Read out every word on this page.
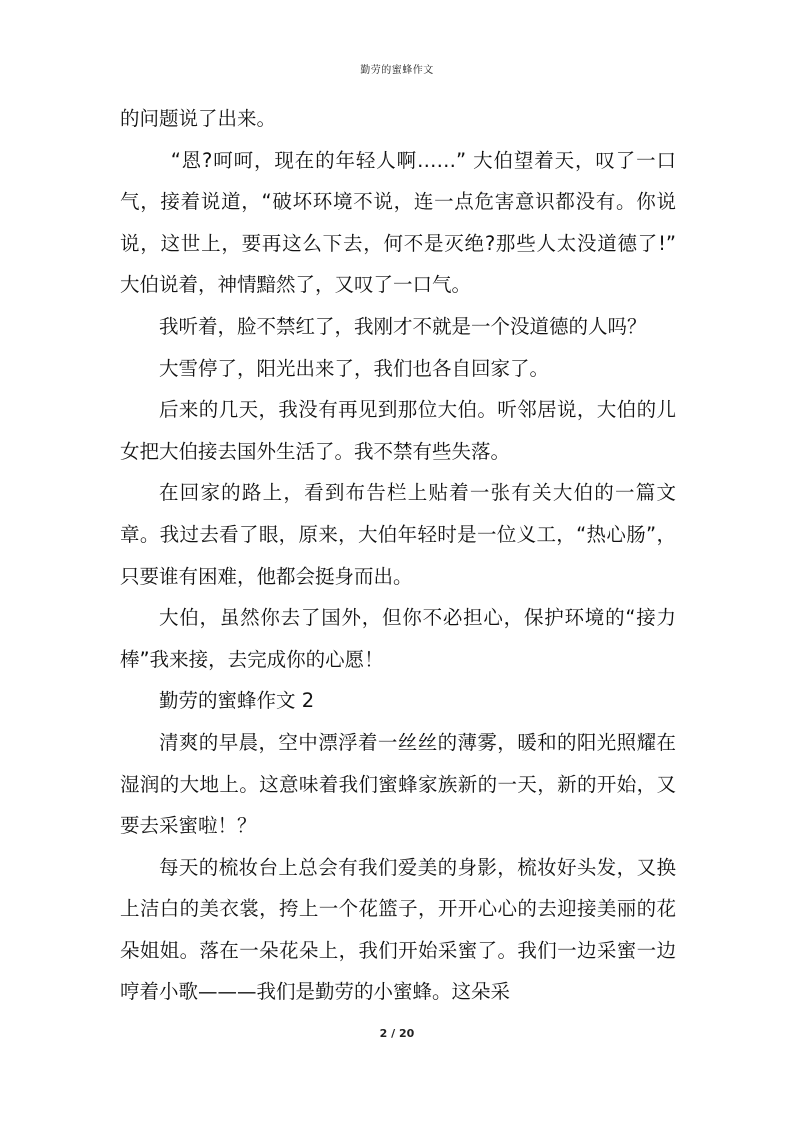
勤劳的蜜蜂作文

的问题说了出来。

“恩?呵呵，现在的年轻人啊……” 大伯望着天，叹了一口气，接着说道，“破坏环境不说，连一点危害意识都没有。你说说，这世上，要再这么下去，何不是灭绝?那些人太没道德了!” 大伯说着，神情黯然了，又叹了一口气。

我听着，脸不禁红了，我刚才不就是一个没道德的人吗？

大雪停了，阳光出来了，我们也各自回家了。

后来的几天，我没有再见到那位大伯。听邻居说，大伯的儿女把大伯接去国外生活了。我不禁有些失落。

在回家的路上，看到布告栏上贴着一张有关大伯的一篇文章。我过去看了眼，原来，大伯年轻时是一位义工，“热心肠”，只要谁有困难，他都会挺身而出。

大伯，虽然你去了国外，但你不必担心，保护环境的“接力棒”我来接，去完成你的心愿！

勤劳的蜜蜂作文 2

清爽的早晨，空中漂浮着一丝丝的薄雾，暖和的阳光照耀在湿润的大地上。这意味着我们蜜蜂家族新的一天，新的开始，又要去采蜜啦！？

每天的梳妆台上总会有我们爱美的身影，梳妆好头发，又换上洁白的美衣裳，挎上一个花篮子，开开心心的去迎接美丽的花朵姐姐。落在一朵花朵上，我们开始采蜜了。我们一边采蜜一边哼着小歌———我们是勤劳的小蜜蜂。这朵采

2 / 20
